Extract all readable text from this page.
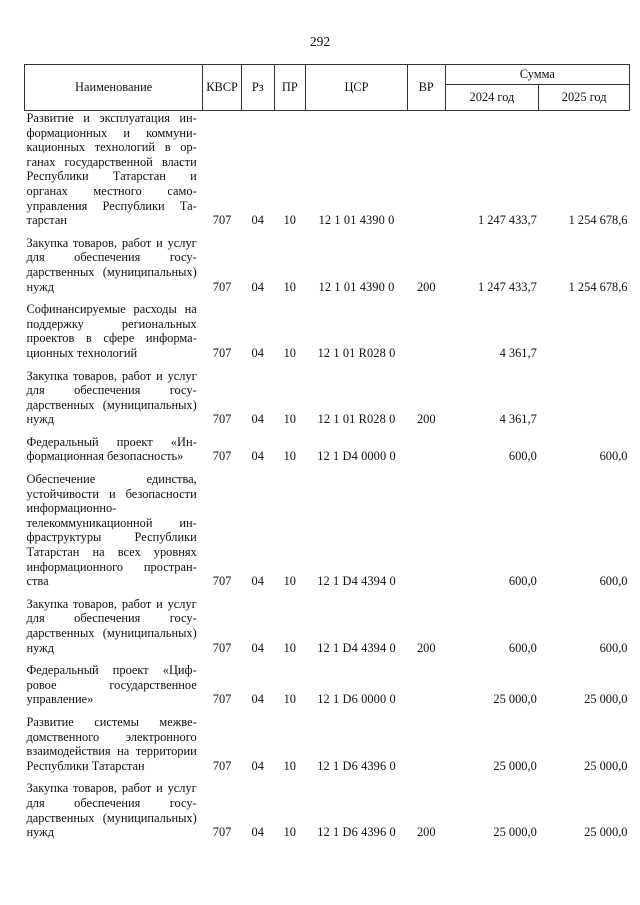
292
Наименование	КВСР	Рз	ПР	ЦСР	ВР	Сумма	
						2024 год	2025 год
Развитие и эксплуатация информационных и коммуникационных технологий в органах государственной власти Республики Татарстан и органах местного самоуправления Республики Татарстан	707	04	10	12 1 01 4390 0		1 247 433,7	1 254 678,6
Закупка товаров, работ и услуг для обеспечения государственных (муниципальных) нужд	707	04	10	12 1 01 4390 0	200	1 247 433,7	1 254 678,6
Софинансируемые расходы на поддержку региональных проектов в сфере информационных технологий	707	04	10	12 1 01 R028 0		4 361,7	
Закупка товаров, работ и услуг для обеспечения государственных (муниципальных) нужд	707	04	10	12 1 01 R028 0	200	4 361,7	
Федеральный проект «Информационная безопасность»	707	04	10	12 1 D4 0000 0		600,0	600,0
Обеспечение единства, устойчивости и безопасности информационно-телекоммуникационной инфраструктуры Республики Татарстан на всех уровнях информационного пространства	707	04	10	12 1 D4 4394 0		600,0	600,0
Закупка товаров, работ и услуг для обеспечения государственных (муниципальных) нужд	707	04	10	12 1 D4 4394 0	200	600,0	600,0
Федеральный проект «Цифровое государственное управление»	707	04	10	12 1 D6 0000 0		25 000,0	25 000,0
Развитие системы межведомственного электронного взаимодействия на территории Республики Татарстан	707	04	10	12 1 D6 4396 0		25 000,0	25 000,0
Закупка товаров, работ и услуг для обеспечения государственных (муниципальных) нужд	707	04	10	12 1 D6 4396 0	200	25 000,0	25 000,0
